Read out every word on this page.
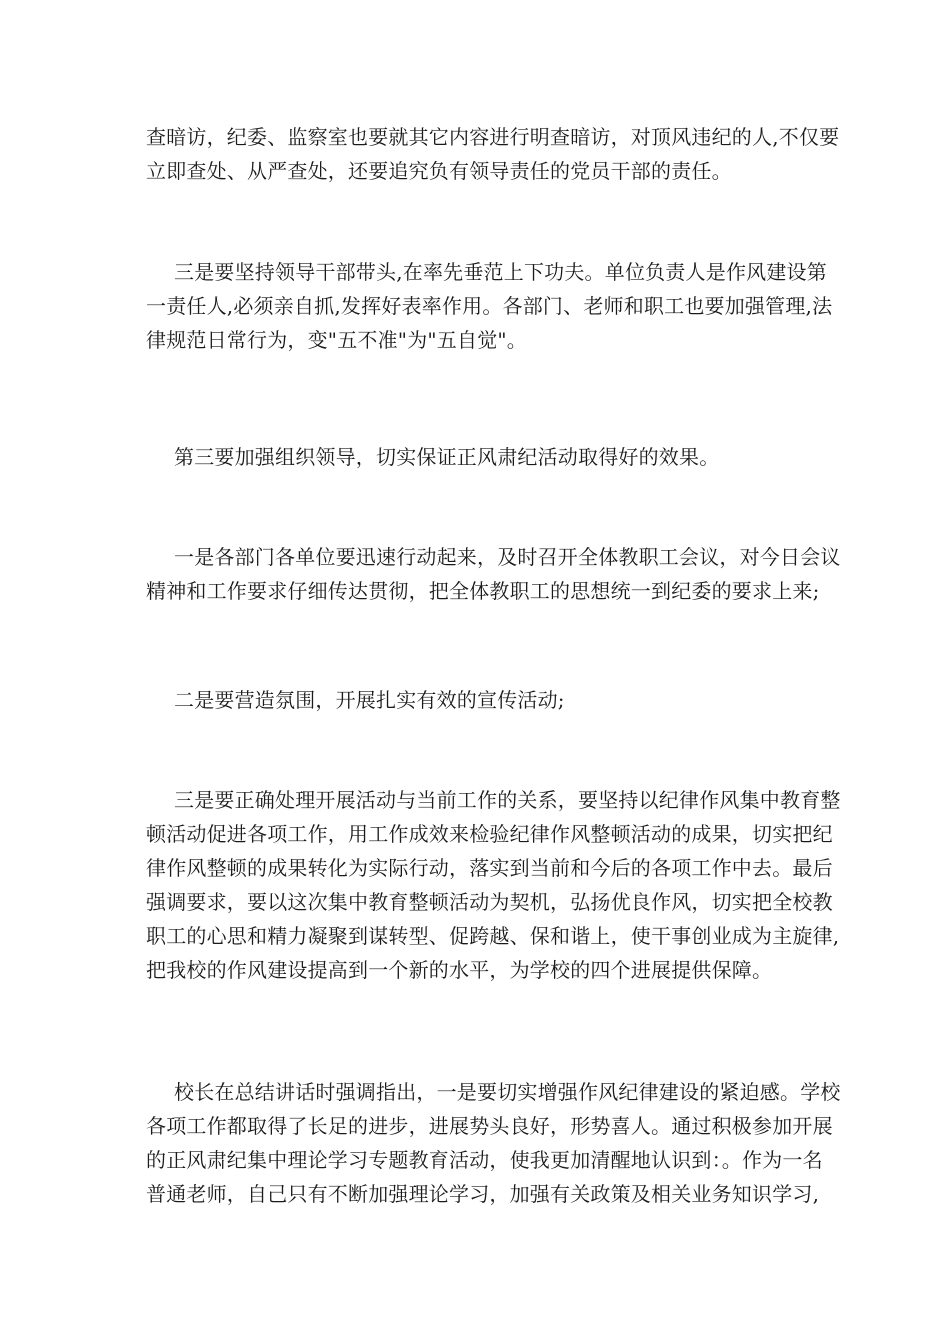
查暗访，纪委、监察室也要就其它内容进行明查暗访，对顶风违纪的人,不仅要
立即查处、从严查处，还要追究负有领导责任的党员干部的责任。
三是要坚持领导干部带头,在率先垂范上下功夫。单位负责人是作风建设第
一责任人,必须亲自抓,发挥好表率作用。各部门、老师和职工也要加强管理,法
律规范日常行为，变"五不准"为"五自觉"。
第三要加强组织领导，切实保证正风肃纪活动取得好的效果。
一是各部门各单位要迅速行动起来，及时召开全体教职工会议，对今日会议
精神和工作要求仔细传达贯彻，把全体教职工的思想统一到纪委的要求上来;
二是要营造氛围，开展扎实有效的宣传活动;
三是要正确处理开展活动与当前工作的关系，要坚持以纪律作风集中教育整
顿活动促进各项工作，用工作成效来检验纪律作风整顿活动的成果，切实把纪
律作风整顿的成果转化为实际行动，落实到当前和今后的各项工作中去。最后
强调要求，要以这次集中教育整顿活动为契机，弘扬优良作风，切实把全校教
职工的心思和精力凝聚到谋转型、促跨越、保和谐上，使干事创业成为主旋律,
把我校的作风建设提高到一个新的水平，为学校的四个进展提供保障。
校长在总结讲话时强调指出，一是要切实增强作风纪律建设的紧迫感。学校
各项工作都取得了长足的进步，进展势头良好，形势喜人。通过积极参加开展
的正风肃纪集中理论学习专题教育活动，使我更加清醒地认识到：。作为一名
普通老师，自己只有不断加强理论学习，加强有关政策及相关业务知识学习,
